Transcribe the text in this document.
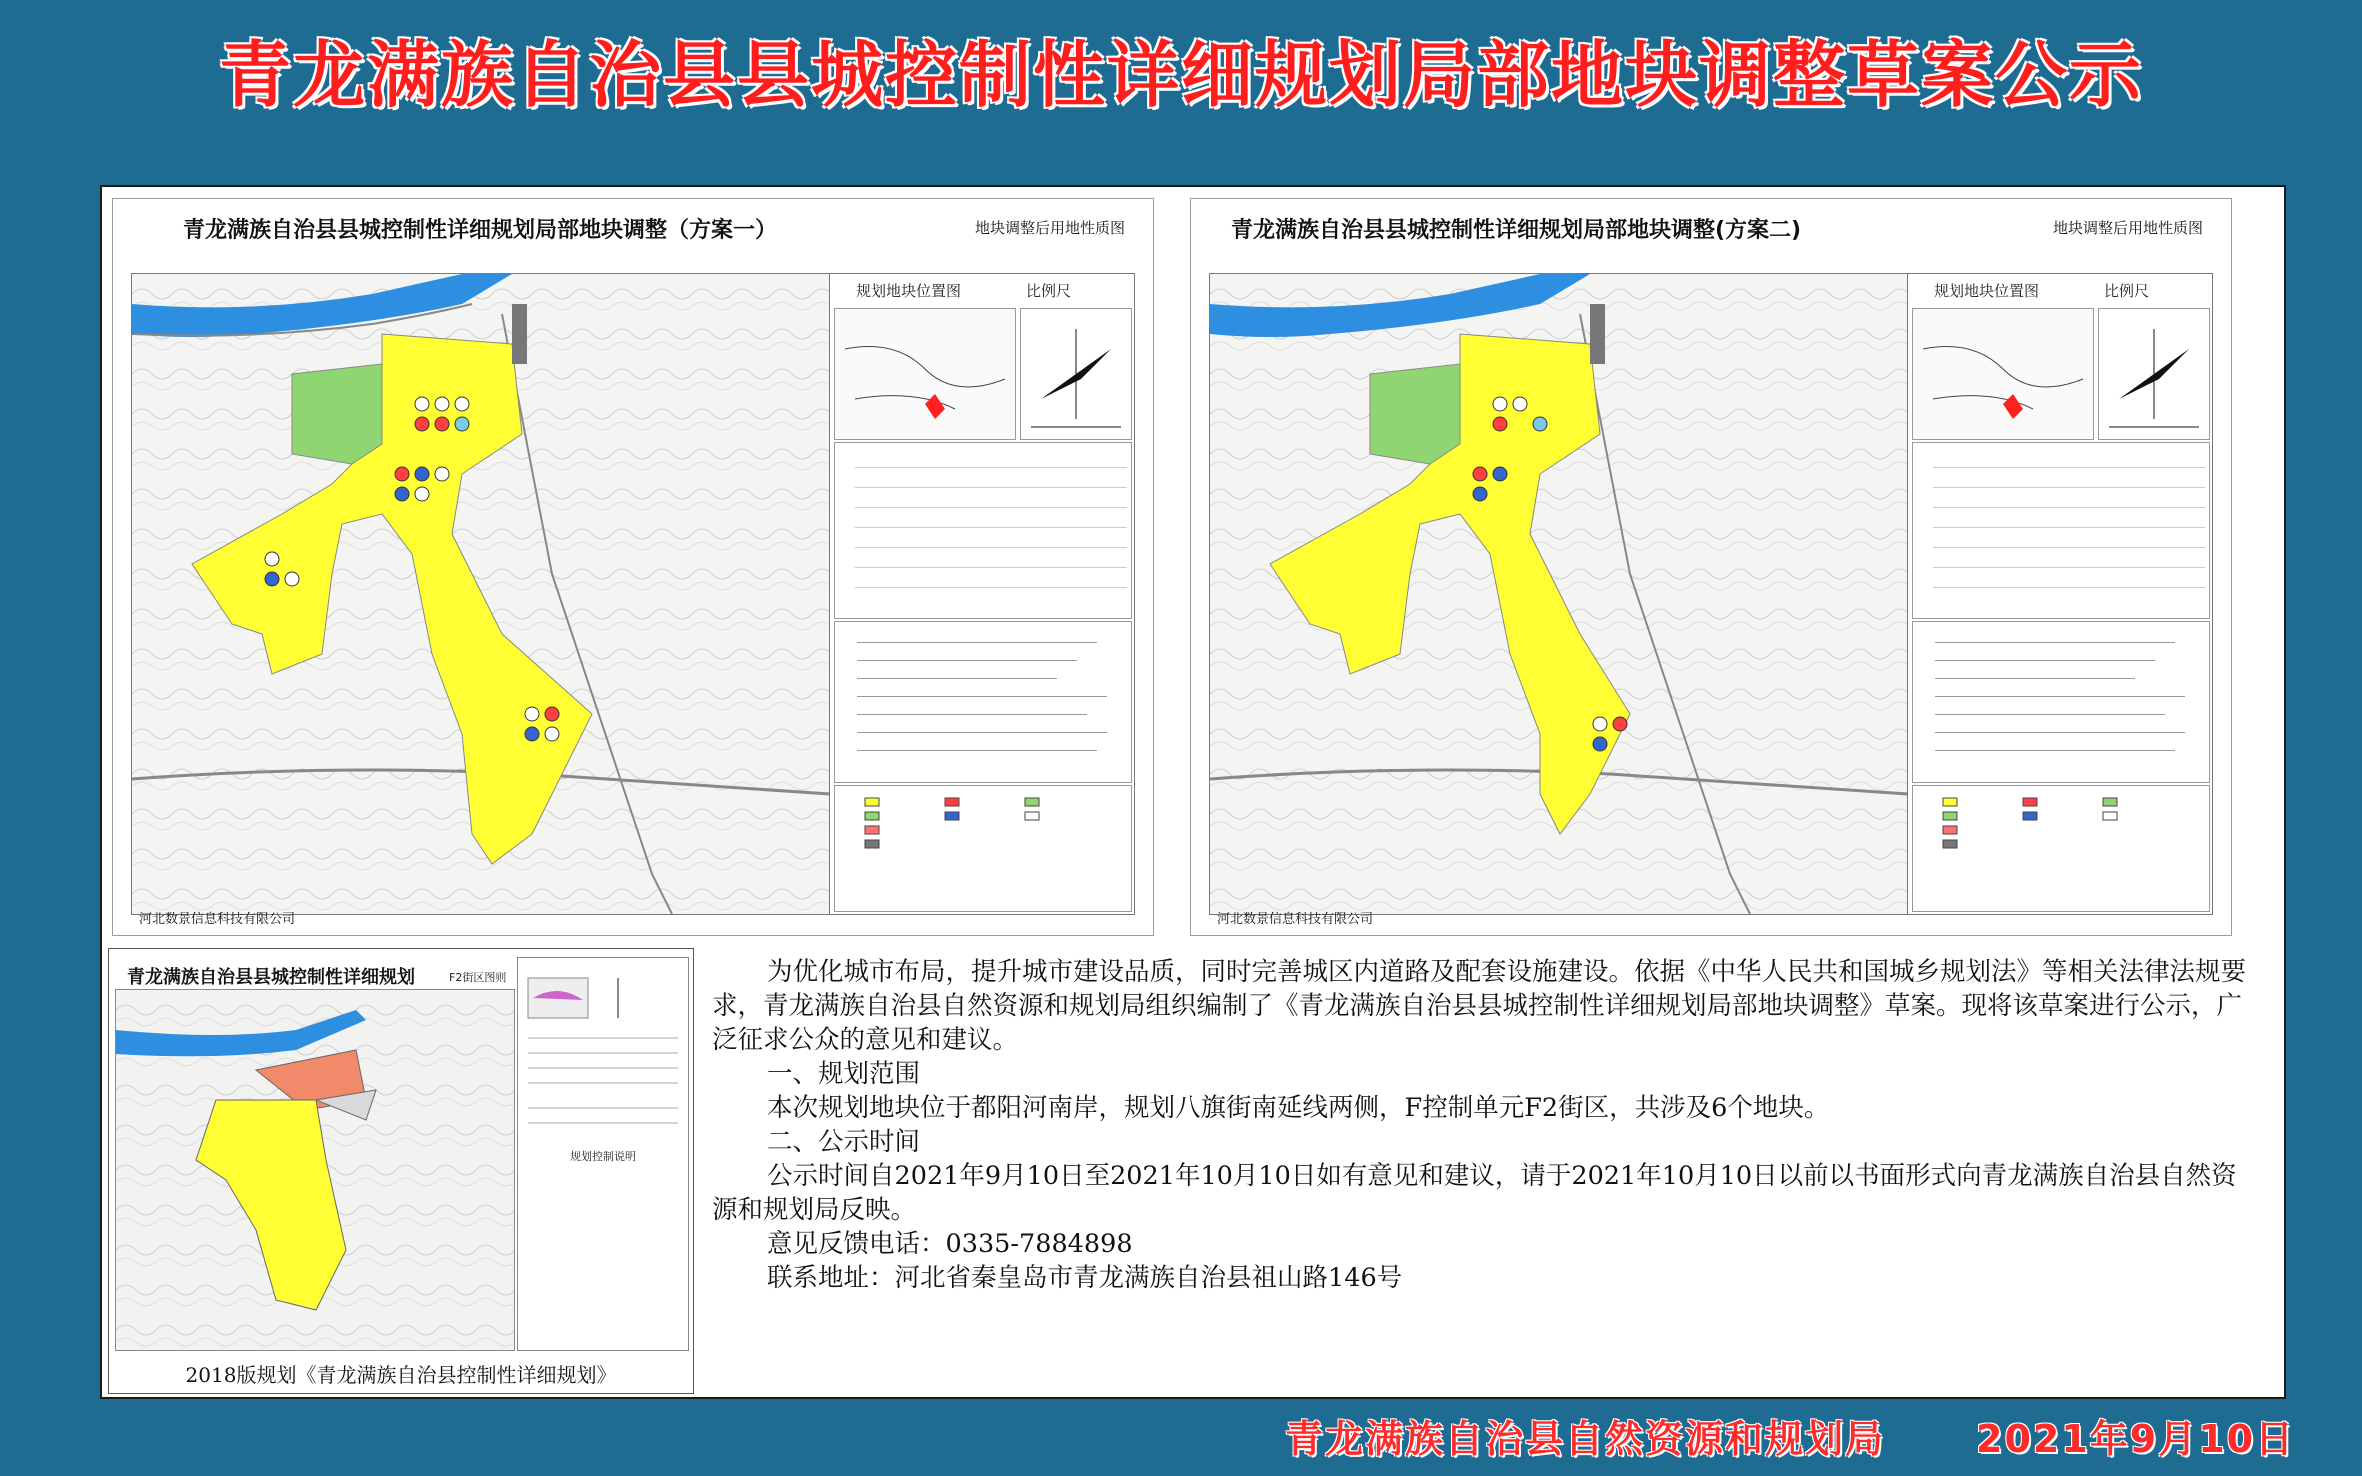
青龙满族自治县县城控制性详细规划局部地块调整草案公示
青龙满族自治县县城控制性详细规划局部地块调整（方案一）	地块调整后用地性质图
规划地块位置图	比例尺
河北数景信息科技有限公司
青龙满族自治县县城控制性详细规划局部地块调整(方案二)	地块调整后用地性质图
规划地块位置图	比例尺
河北数景信息科技有限公司
青龙满族自治县县城控制性详细规划	F2街区图则
规划控制说明
2018版规划《青龙满族自治县控制性详细规划》

为优化城市布局，提升城市建设品质，同时完善城区内道路及配套设施建设。依据《中华人民共和国城乡规划法》等相关法律法规要求，青龙满族自治县自然资源和规划局组织编制了《青龙满族自治县县城控制性详细规划局部地块调整》草案。现将该草案进行公示，广泛征求公众的意见和建议。

一、规划范围

本次规划地块位于都阳河南岸，规划八旗街南延线两侧，F控制单元F2街区，共涉及6个地块。

二、公示时间

公示时间自2021年9月10日至2021年10月10日如有意见和建议，请于2021年10月10日以前以书面形式向青龙满族自治县自然资源和规划局反映。

意见反馈电话：0335-7884898

联系地址：河北省秦皇岛市青龙满族自治县祖山路146号

青龙满族自治县自然资源和规划局 2021年9月10日
